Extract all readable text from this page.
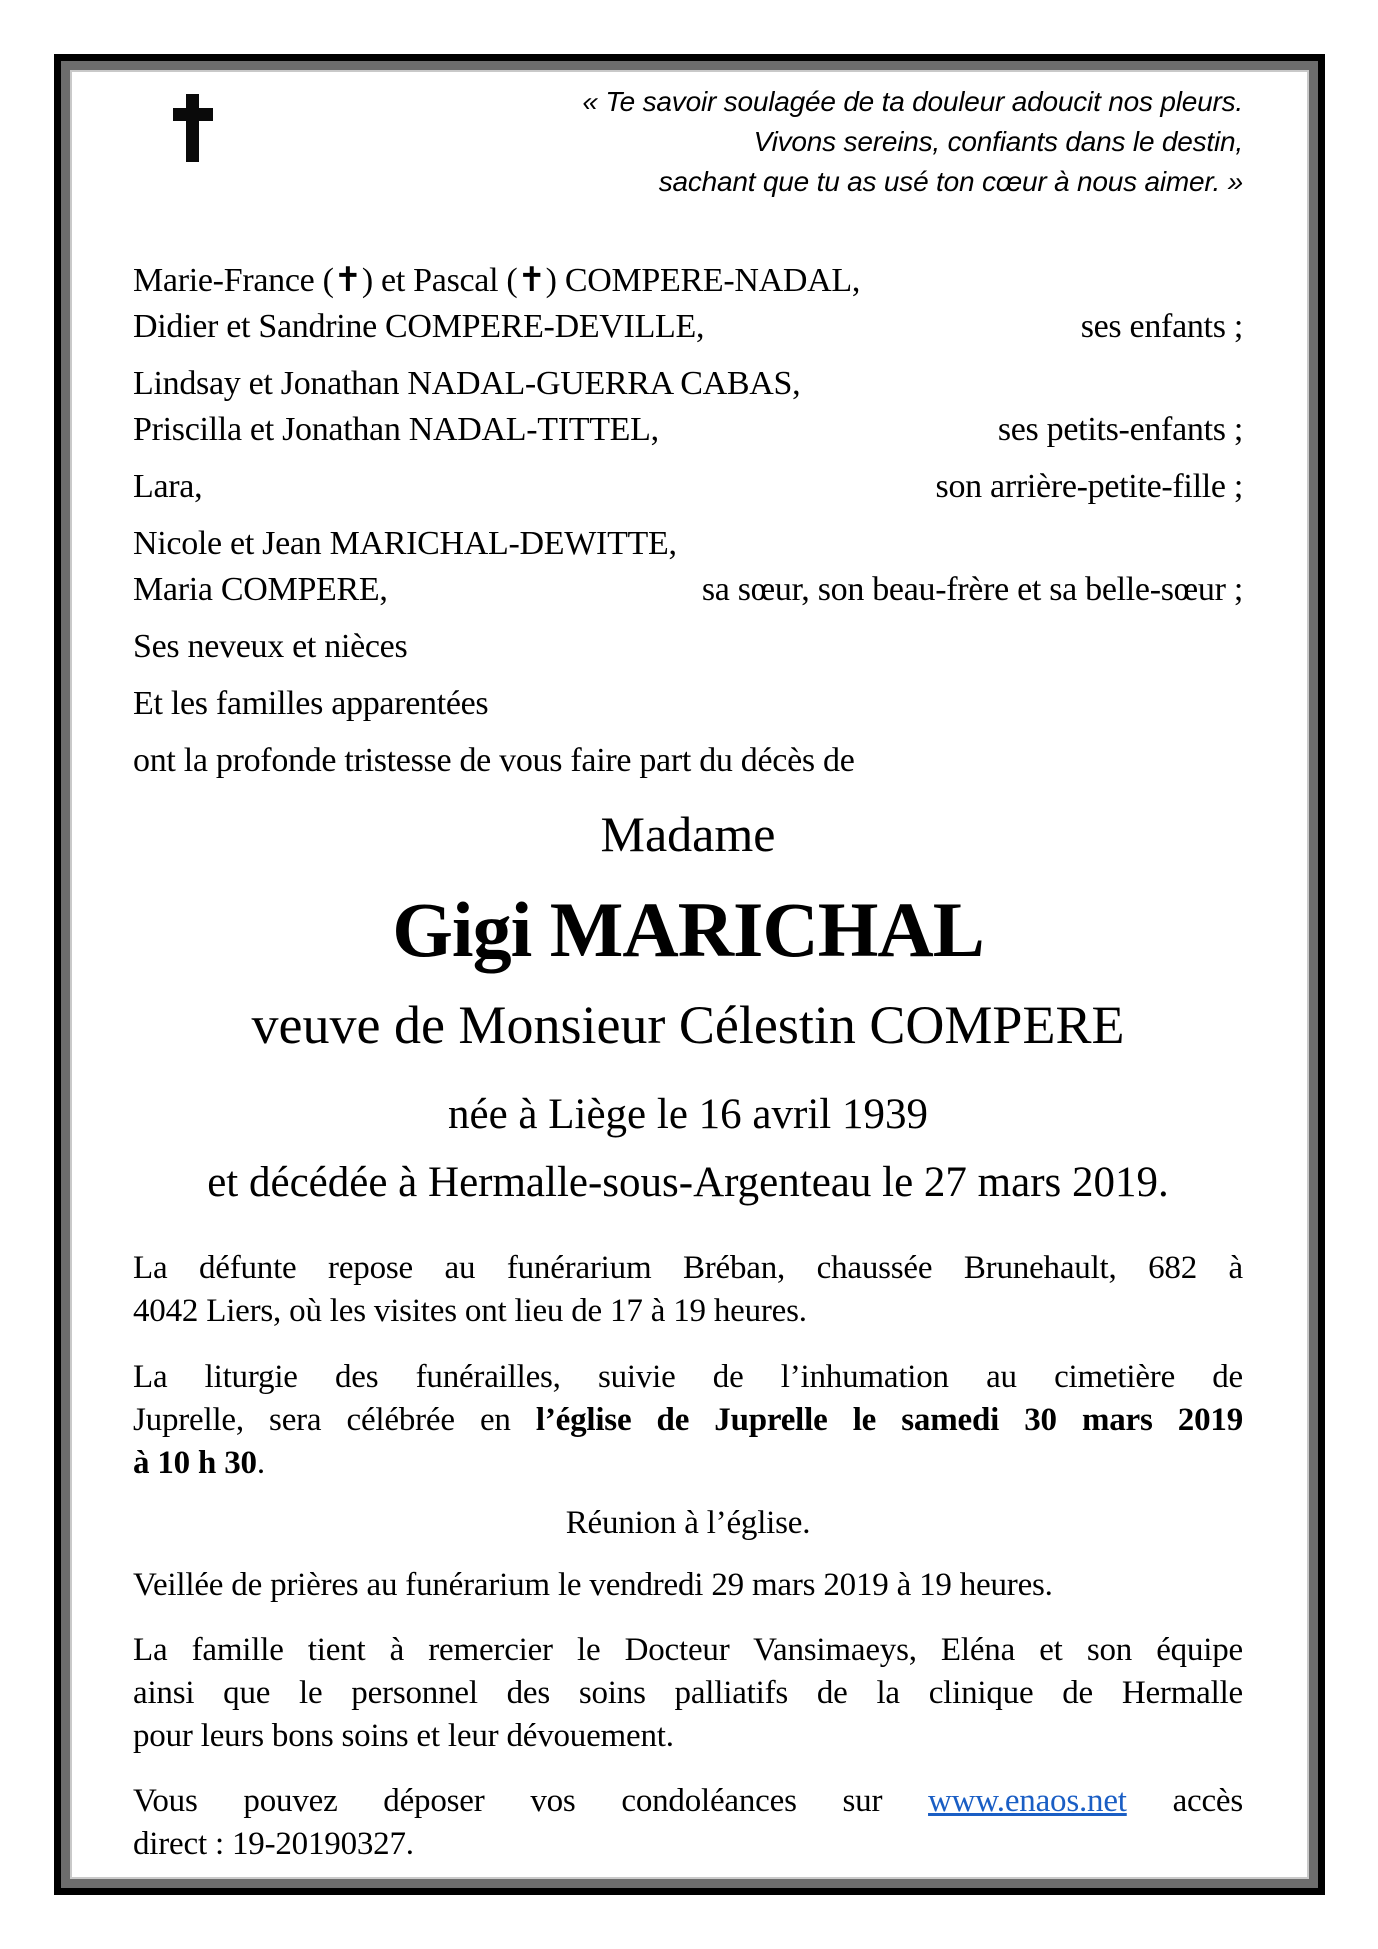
« Te savoir soulagée de ta douleur adoucit nos pleurs.
Vivons sereins, confiants dans le destin,
sachant que tu as usé ton cœur à nous aimer. »
Marie-France (✝) et Pascal (✝) COMPERE-NADAL,
Didier et Sandrine COMPERE-DEVILLE,	ses enfants ;
Lindsay et Jonathan NADAL-GUERRA CABAS,
Priscilla et Jonathan NADAL-TITTEL,	ses petits-enfants ;
Lara,	son arrière-petite-fille ;
Nicole et Jean MARICHAL-DEWITTE,
Maria COMPERE,	sa sœur, son beau-frère et sa belle-sœur ;
Ses neveux et nièces
Et les familles apparentées
ont la profonde tristesse de vous faire part du décès de
Madame
Gigi MARICHAL
veuve de Monsieur Célestin COMPERE
née à Liège le 16 avril 1939
et décédée à Hermalle-sous-Argenteau le 27 mars 2019.
La défunte repose au funérarium Bréban, chaussée Brunehault, 682 à
4042 Liers, où les visites ont lieu de 17 à 19 heures.
La liturgie des funérailles, suivie de l’inhumation au cimetière de
Juprelle, sera célébrée en l’église de Juprelle le samedi 30 mars 2019
à 10 h 30.
Réunion à l’église.
Veillée de prières au funérarium le vendredi 29 mars 2019 à 19 heures.
La famille tient à remercier le Docteur Vansimaeys, Eléna et son équipe
ainsi que le personnel des soins palliatifs de la clinique de Hermalle
pour leurs bons soins et leur dévouement.
Vous pouvez déposer vos condoléances sur www.enaos.net accès
direct : 19-20190327.
